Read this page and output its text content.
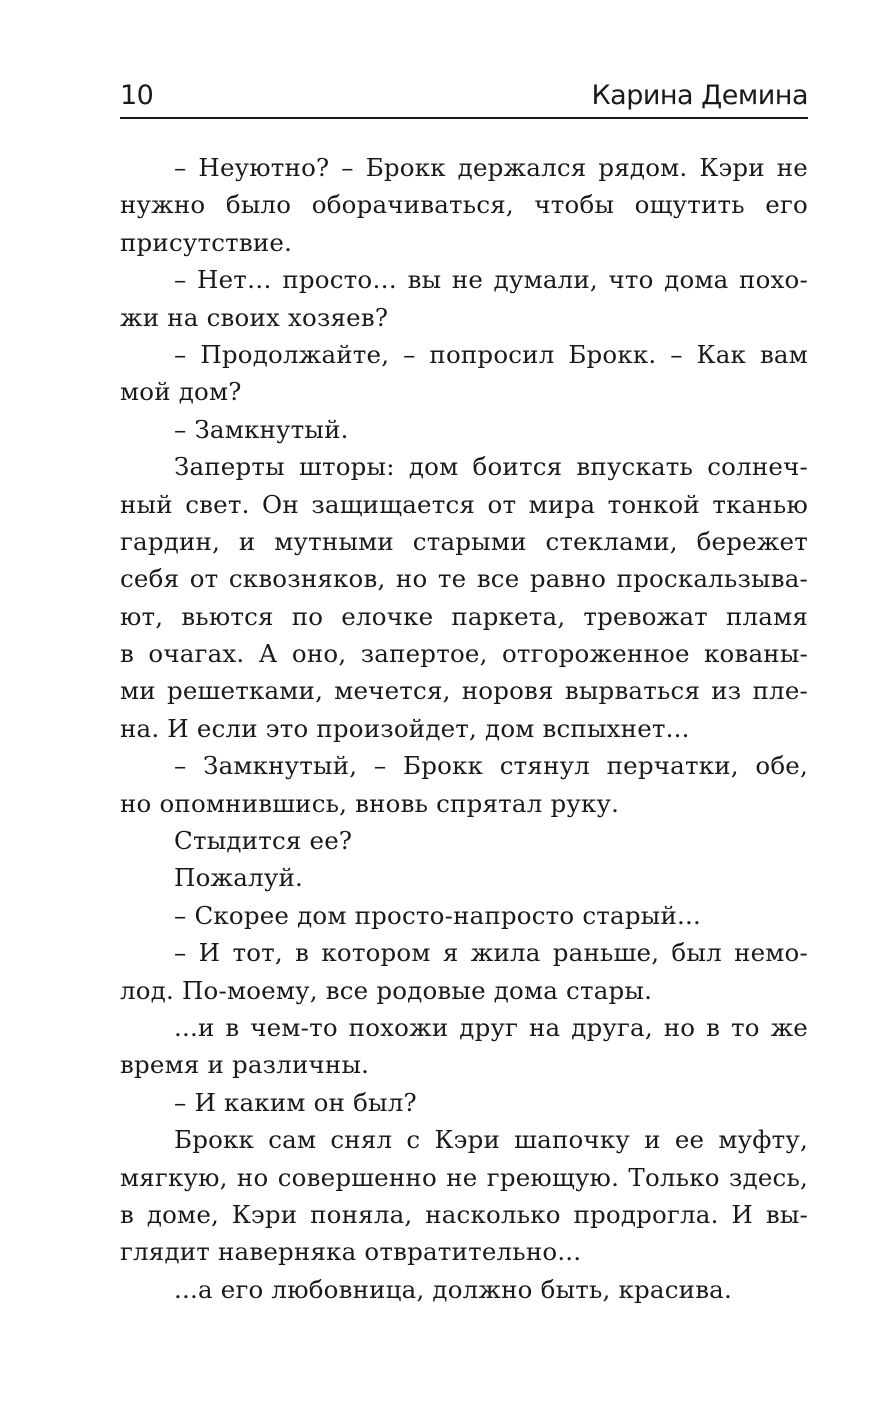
10	Карина Демина
– Неуютно? – Брокк держался рядом. Кэри не
нужно было оборачиваться, чтобы ощутить его
присутствие.
– Нет… просто… вы не думали, что дома похо-
жи на своих хозяев?
– Продолжайте, – попросил Брокк. – Как вам
мой дом?
– Замкнутый.
Заперты шторы: дом боится впускать солнеч-
ный свет. Он защищается от мира тонкой тканью
гардин, и мутными старыми стеклами, бережет
себя от сквозняков, но те все равно проскальзыва-
ют, вьются по елочке паркета, тревожат пламя
в очагах. А оно, запертое, отгороженное кованы-
ми решетками, мечется, норовя вырваться из пле-
на. И если это произойдет, дом вспыхнет...
– Замкнутый, – Брокк стянул перчатки, обе,
но опомнившись, вновь спрятал руку.
Стыдится ее?
Пожалуй.
– Скорее дом просто-напросто старый...
– И тот, в котором я жила раньше, был немо-
лод. По-моему, все родовые дома стары.
...и в чем-то похожи друг на друга, но в то же
время и различны.
– И каким он был?
Брокк сам снял с Кэри шапочку и ее муфту,
мягкую, но совершенно не греющую. Только здесь,
в доме, Кэри поняла, насколько продрогла. И вы-
глядит наверняка отвратительно...
...а его любовница, должно быть, красива.
